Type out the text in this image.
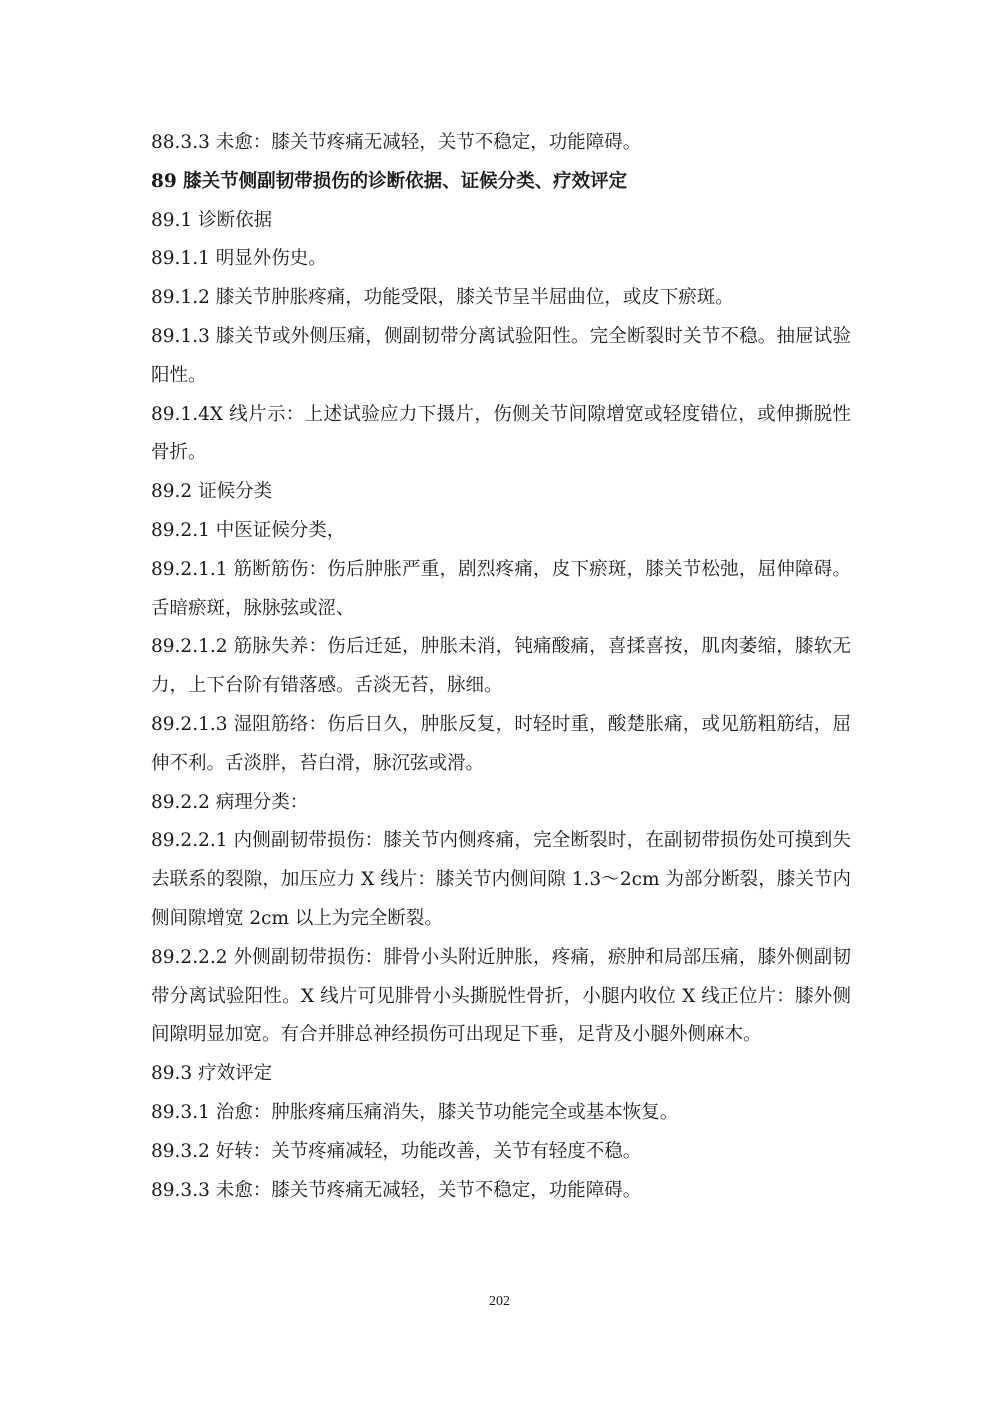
88.3.3 未愈：膝关节疼痛无减轻，关节不稳定，功能障碍。

89 膝关节侧副韧带损伤的诊断依据、证候分类、疗效评定

89.1 诊断依据

89.1.1 明显外伤史。

89.1.2 膝关节肿胀疼痛，功能受限，膝关节呈半屈曲位，或皮下瘀斑。

89.1.3 膝关节或外侧压痛，侧副韧带分离试验阳性。完全断裂时关节不稳。抽屉试验阳性。

89.1.4X 线片示：上述试验应力下摄片，伤侧关节间隙增宽或轻度错位，或伸撕脱性骨折。

89.2 证候分类

89.2.1 中医证候分类，

89.2.1.1 筋断筋伤：伤后肿胀严重，剧烈疼痛，皮下瘀斑，膝关节松弛，屈伸障碍。舌暗瘀斑，脉脉弦或涩、

89.2.1.2 筋脉失养：伤后迁延，肿胀未消，钝痛酸痛，喜揉喜按，肌肉萎缩，膝软无力，上下台阶有错落感。舌淡无苔，脉细。

89.2.1.3 湿阻筋络：伤后日久，肿胀反复，时轻时重，酸楚胀痛，或见筋粗筋结，屈伸不利。舌淡胖，苔白滑，脉沉弦或滑。

89.2.2 病理分类：

89.2.2.1 内侧副韧带损伤：膝关节内侧疼痛，完全断裂时，在副韧带损伤处可摸到失去联系的裂隙，加压应力 X 线片：膝关节内侧间隙 1.3～2cm 为部分断裂，膝关节内侧间隙增宽 2cm 以上为完全断裂。

89.2.2.2 外侧副韧带损伤：腓骨小头附近肿胀，疼痛，瘀肿和局部压痛，膝外侧副韧带分离试验阳性。X 线片可见腓骨小头撕脱性骨折，小腿内收位 X 线正位片：膝外侧间隙明显加宽。有合并腓总神经损伤可出现足下垂，足背及小腿外侧麻木。

89.3 疗效评定

89.3.1 治愈：肿胀疼痛压痛消失，膝关节功能完全或基本恢复。

89.3.2 好转：关节疼痛减轻，功能改善，关节有轻度不稳。

89.3.3 未愈：膝关节疼痛无减轻，关节不稳定，功能障碍。

202
